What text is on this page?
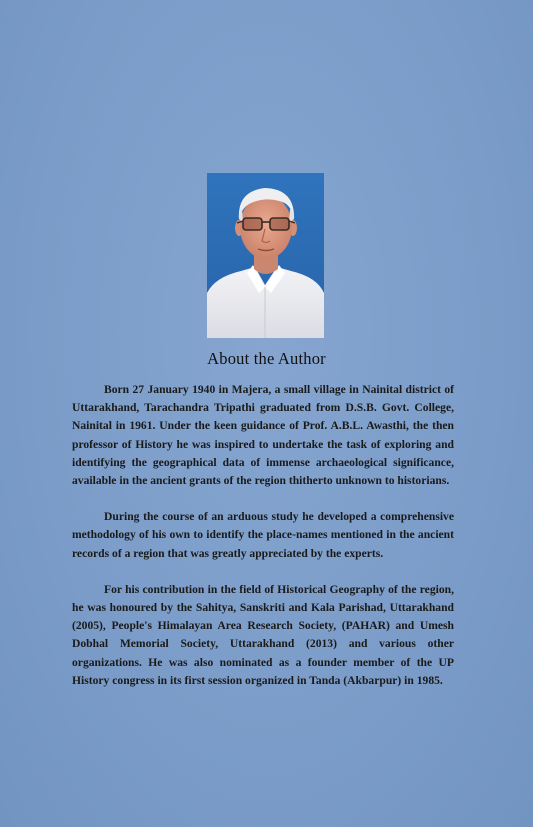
About the Author

Born 27 January 1940 in Majera, a small village in Nainital district of Uttarakhand, Tarachandra Tripathi graduated from D.S.B. Govt. College, Nainital in 1961. Under the keen guidance of Prof. A.B.L. Awasthi, the then professor of History he was inspired to undertake the task of exploring and identifying the geographical data of immense archaeological significance, available in the ancient grants of the region thitherto unknown to historians.

During the course of an arduous study he developed a comprehensive methodology of his own to identify the place-names mentioned in the ancient records of a region that was greatly appreciated by the experts.

For his contribution in the field of Historical Geography of the region, he was honoured by the Sahitya, Sanskriti and Kala Parishad, Uttarakhand (2005), People's Himalayan Area Research Society, (PAHAR) and Umesh Dobhal Memorial Society, Uttarakhand (2013) and various other organizations. He was also nominated as a founder member of the UP History congress in its first session organized in Tanda (Akbarpur) in 1985.
